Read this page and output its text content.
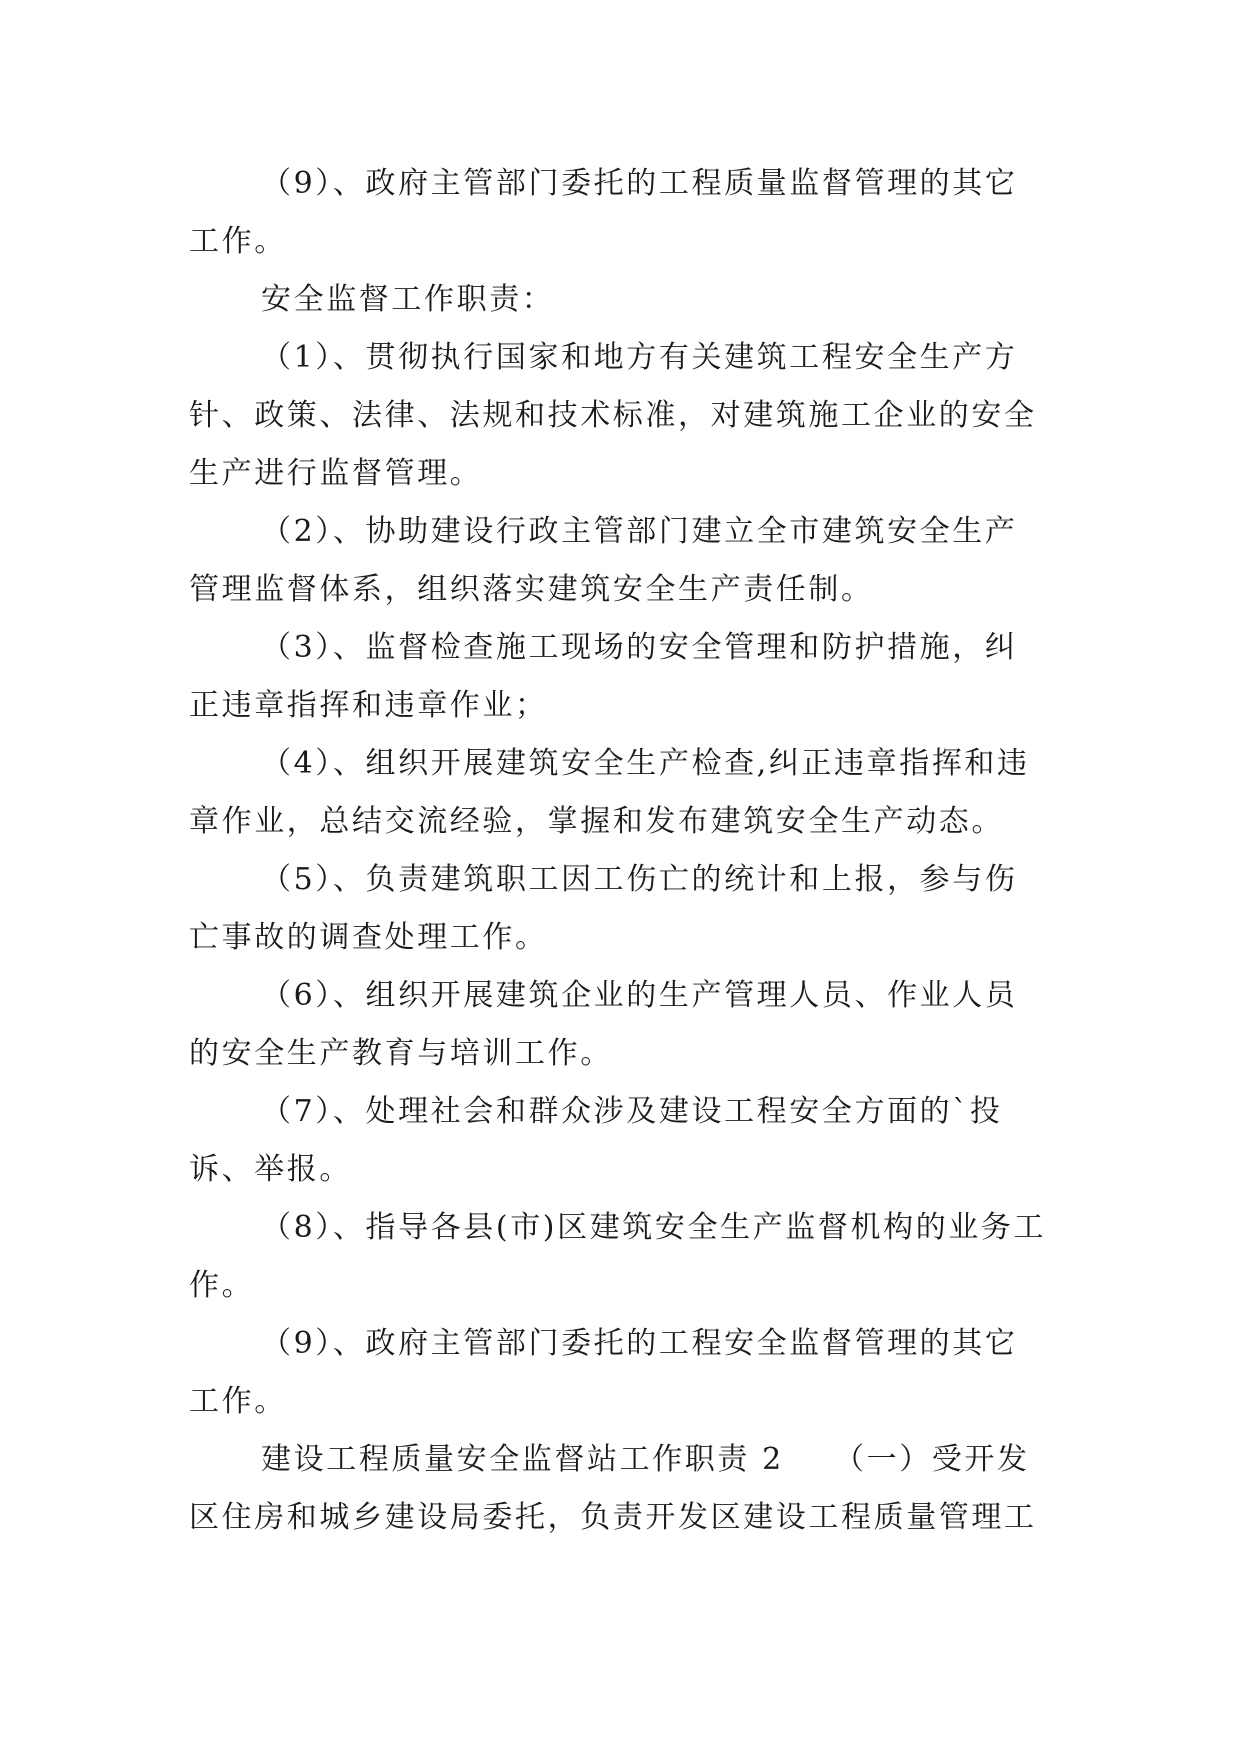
（9）、政府主管部门委托的工程质量监督管理的其它工作。

安全监督工作职责：

（1）、贯彻执行国家和地方有关建筑工程安全生产方针、政策、法律、法规和技术标准，对建筑施工企业的安全生产进行监督管理。

（2）、协助建设行政主管部门建立全市建筑安全生产管理监督体系，组织落实建筑安全生产责任制。

（3）、监督检查施工现场的安全管理和防护措施，纠正违章指挥和违章作业；

（4）、组织开展建筑安全生产检查,纠正违章指挥和违章作业，总结交流经验，掌握和发布建筑安全生产动态。

（5）、负责建筑职工因工伤亡的统计和上报，参与伤亡事故的调查处理工作。

（6）、组织开展建筑企业的生产管理人员、作业人员的安全生产教育与培训工作。

（7）、处理社会和群众涉及建设工程安全方面的`投诉、举报。

（8）、指导各县(市)区建筑安全生产监督机构的业务工作。

（9）、政府主管部门委托的工程安全监督管理的其它工作。

建设工程质量安全监督站工作职责 2　　（一）受开发区住房和城乡建设局委托，负责开发区建设工程质量管理工
